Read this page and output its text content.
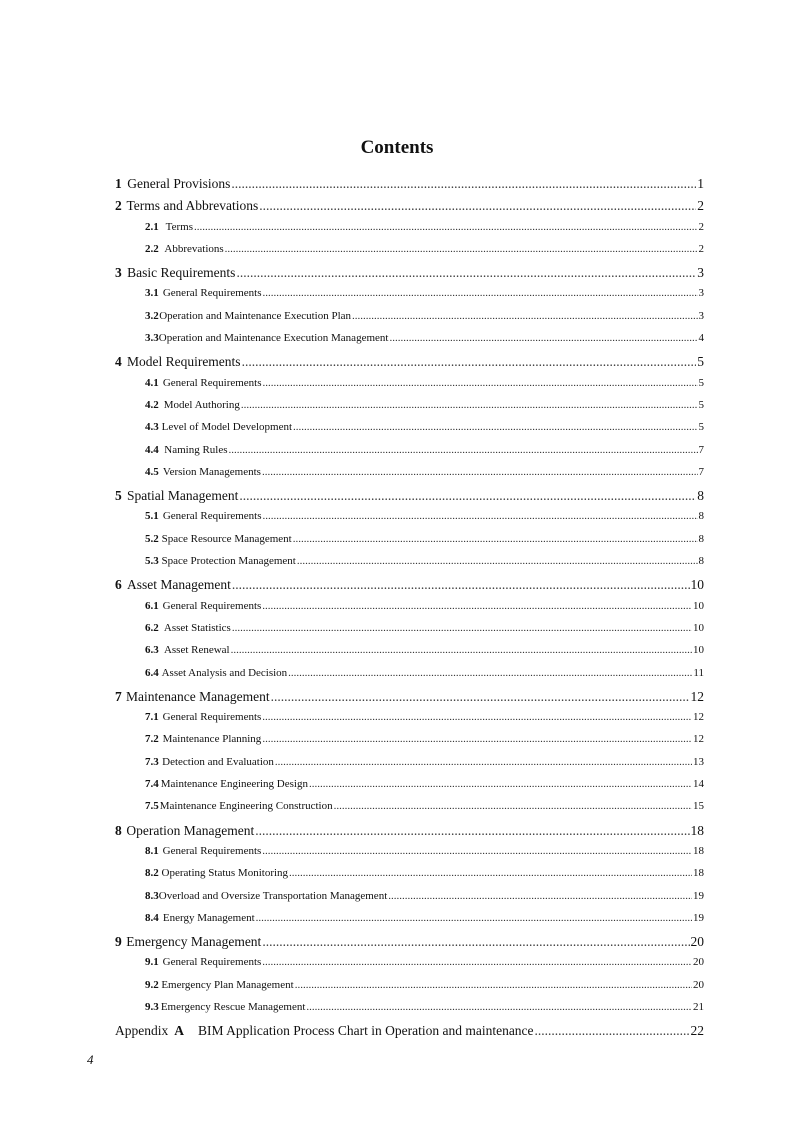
Contents
1 General Provisions .....	1
2 Terms and Abbrevations .....	2
2.1 Terms .....	2
2.2 Abbrevations .....	2
3 Basic Requirements .....	3
3.1 General Requirements .....	3
3.2 Operation and Maintenance Execution Plan .....	3
3.3 Operation and Maintenance Execution Management .....	4
4 Model Requirements .....	5
4.1 General Requirements .....	5
4.2 Model Authoring .....	5
4.3 Level of Model Development .....	5
4.4 Naming Rules .....	7
4.5 Version Managements .....	7
5 Spatial Management .....	8
5.1 General Requirements .....	8
5.2 Space Resource Management .....	8
5.3 Space Protection Management .....	8
6 Asset Management .....	10
6.1 General Requirements .....	10
6.2 Asset Statistics .....	10
6.3 Asset Renewal .....	10
6.4 Asset Analysis and Decision .....	11
7 Maintenance Management .....	12
7.1 General Requirements .....	12
7.2 Maintenance Planning .....	12
7.3 Detection and Evaluation .....	13
7.4 Maintenance Engineering Design .....	14
7.5 Maintenance Engineering Construction .....	15
8 Operation Management .....	18
8.1 General Requirements .....	18
8.2 Operating Status Monitoring .....	18
8.3 Overload and Oversize Transportation Management .....	19
8.4 Energy Management .....	19
9 Emergency Management .....	20
9.1 General Requirements .....	20
9.2 Emergency Plan Management .....	20
9.3 Emergency Rescue Management .....	21
Appendix A BIM Application Process Chart in Operation and maintenance .....	22
4
